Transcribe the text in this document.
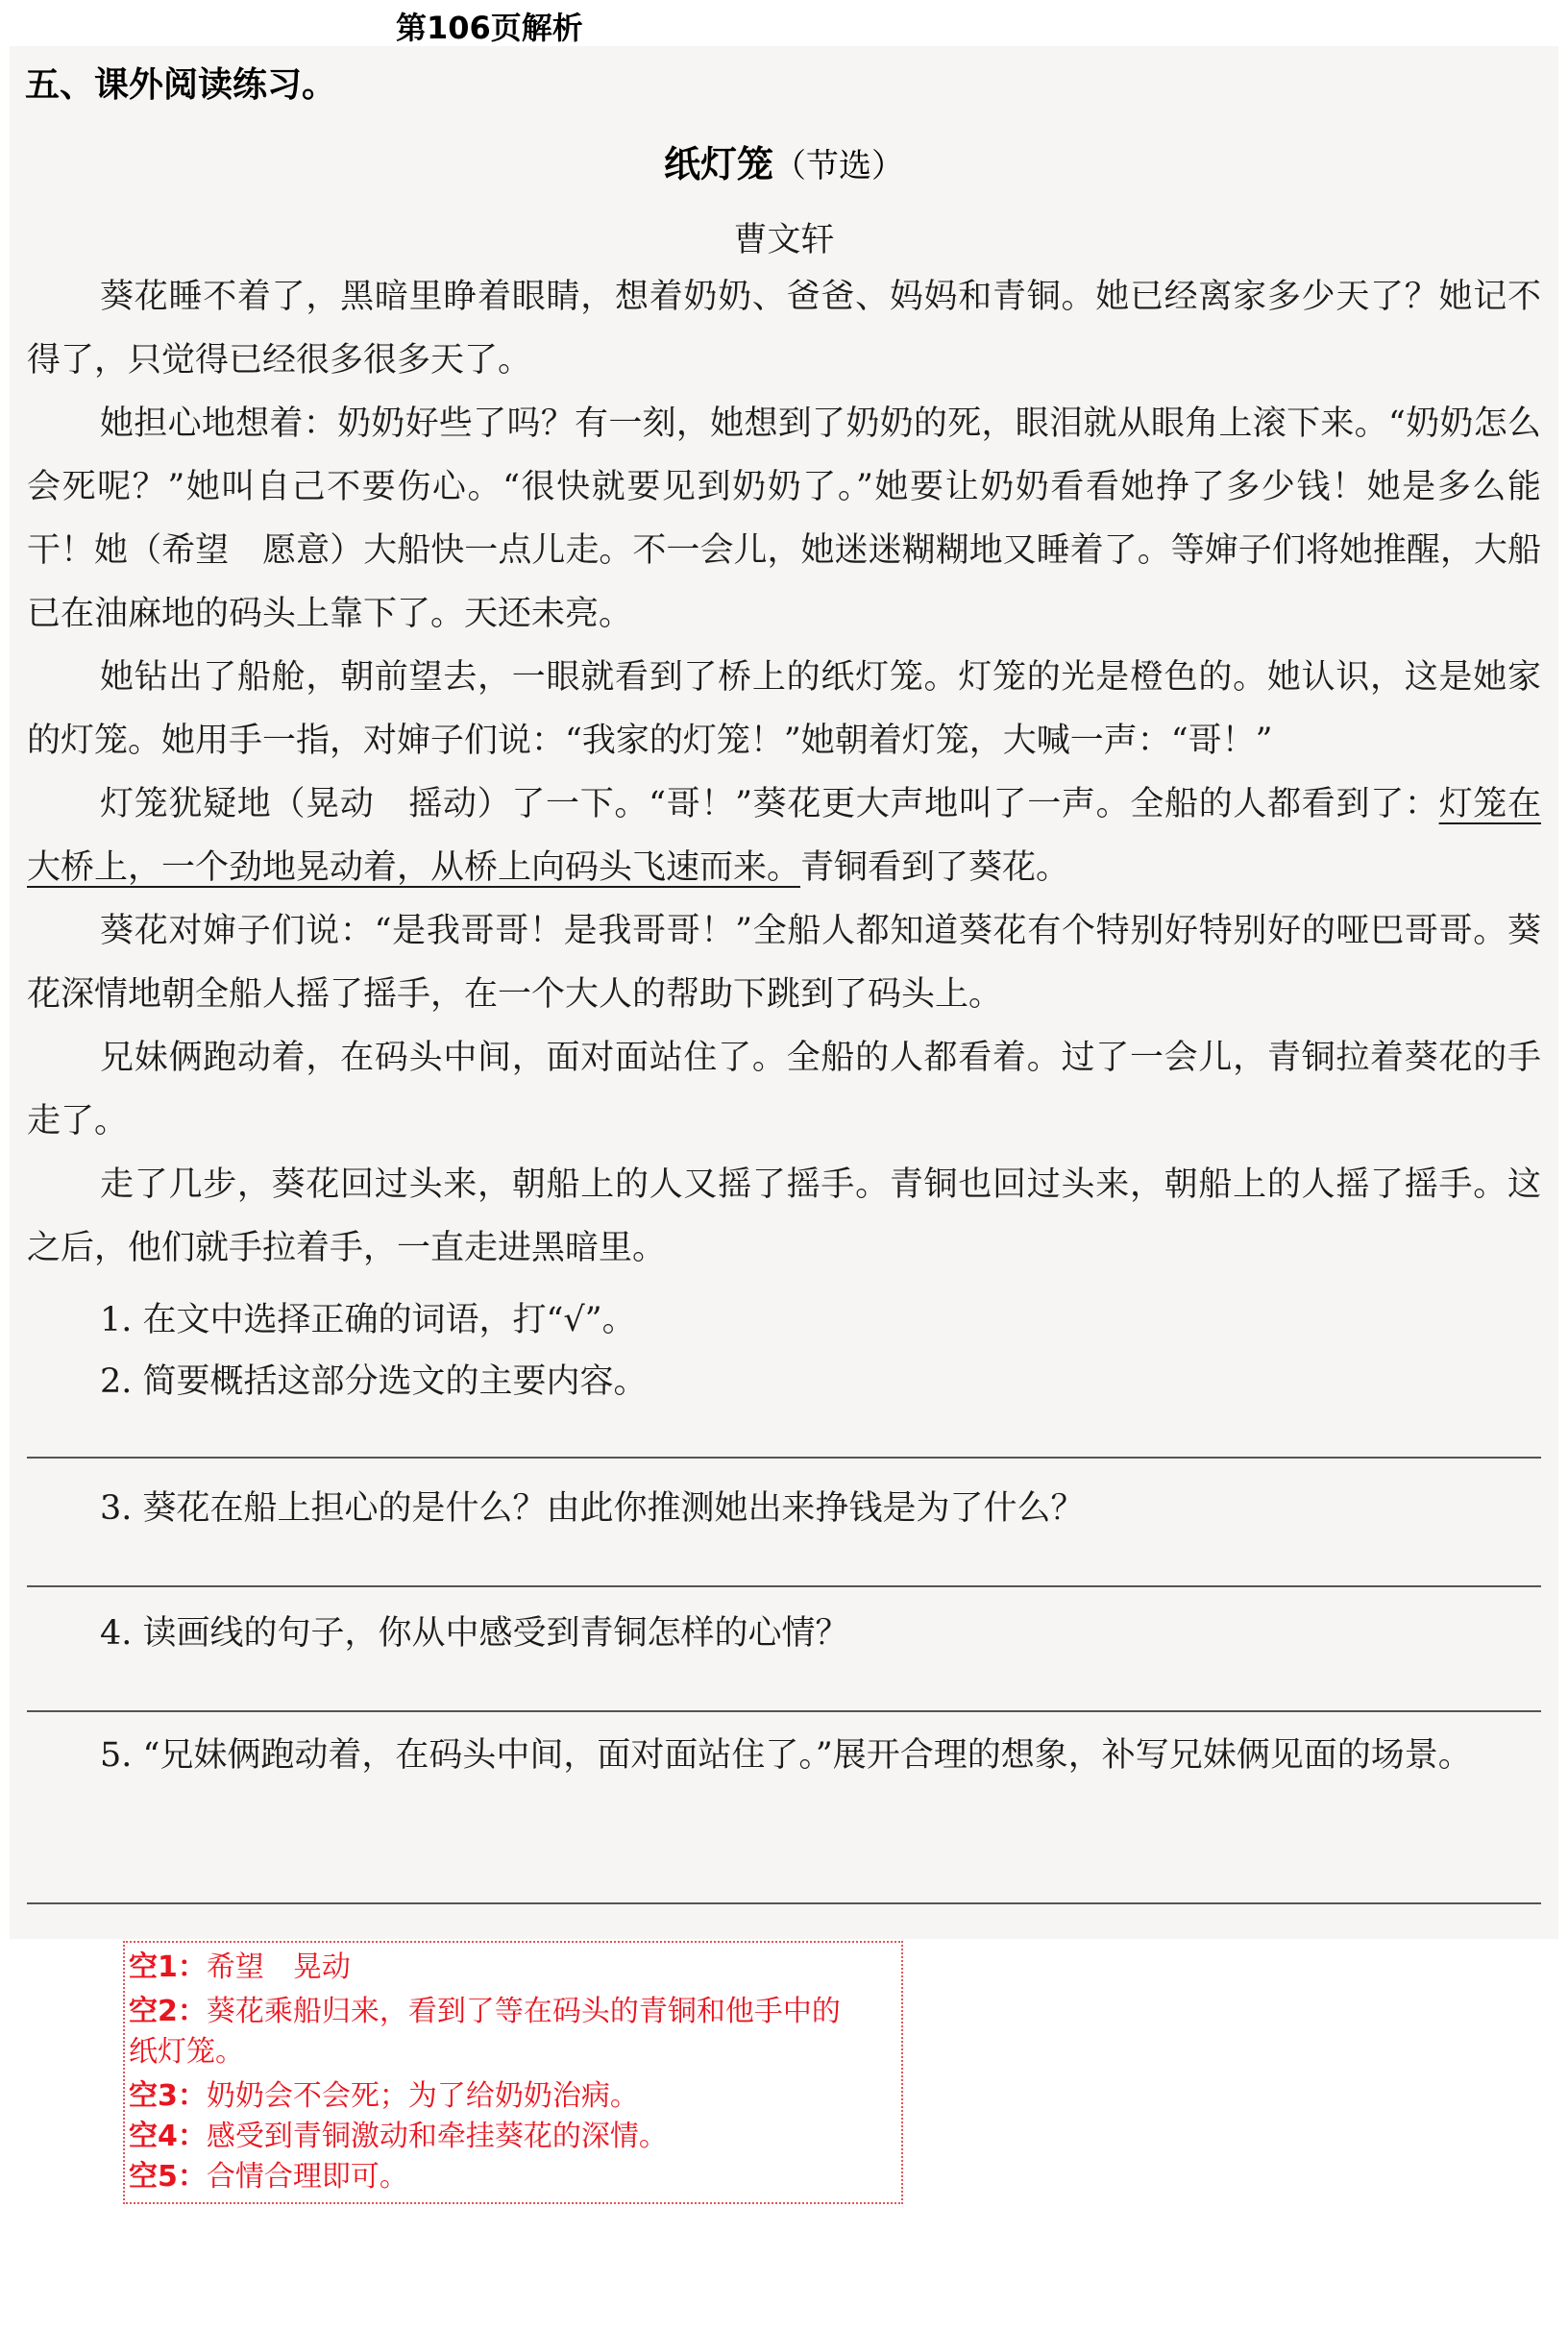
第106页解析
五、课外阅读练习。
纸灯笼（节选）
曹文轩

葵花睡不着了，黑暗里睁着眼睛，想着奶奶、爸爸、妈妈和青铜。她已经离家多少天了？她记不得了，只觉得已经很多很多天了。

她担心地想着：奶奶好些了吗？有一刻，她想到了奶奶的死，眼泪就从眼角上滚下来。“奶奶怎么会死呢？”她叫自己不要伤心。“很快就要见到奶奶了。”她要让奶奶看看她挣了多少钱！她是多么能干！她（希望　愿意）大船快一点儿走。不一会儿，她迷迷糊糊地又睡着了。等婶子们将她推醒，大船已在油麻地的码头上靠下了。天还未亮。

她钻出了船舱，朝前望去，一眼就看到了桥上的纸灯笼。灯笼的光是橙色的。她认识，这是她家的灯笼。她用手一指，对婶子们说：“我家的灯笼！”她朝着灯笼，大喊一声：“哥！”

灯笼犹疑地（晃动　摇动）了一下。“哥！”葵花更大声地叫了一声。全船的人都看到了：灯笼在大桥上，一个劲地晃动着，从桥上向码头飞速而来。青铜看到了葵花。

葵花对婶子们说：“是我哥哥！是我哥哥！”全船人都知道葵花有个特别好特别好的哑巴哥哥。葵花深情地朝全船人摇了摇手，在一个大人的帮助下跳到了码头上。

兄妹俩跑动着，在码头中间，面对面站住了。全船的人都看着。过了一会儿，青铜拉着葵花的手走了。

走了几步，葵花回过头来，朝船上的人又摇了摇手。青铜也回过头来，朝船上的人摇了摇手。这之后，他们就手拉着手，一直走进黑暗里。

1. 在文中选择正确的词语，打“√”。

2. 简要概括这部分选文的主要内容。

3. 葵花在船上担心的是什么？由此你推测她出来挣钱是为了什么？

4. 读画线的句子，你从中感受到青铜怎样的心情？

5. “兄妹俩跑动着，在码头中间，面对面站住了。”展开合理的想象，补写兄妹俩见面的场景。

空1：希望　晃动

空2：葵花乘船归来，看到了等在码头的青铜和他手中的

纸灯笼。

空3：奶奶会不会死；为了给奶奶治病。

空4：感受到青铜激动和牵挂葵花的深情。

空5：合情合理即可。
